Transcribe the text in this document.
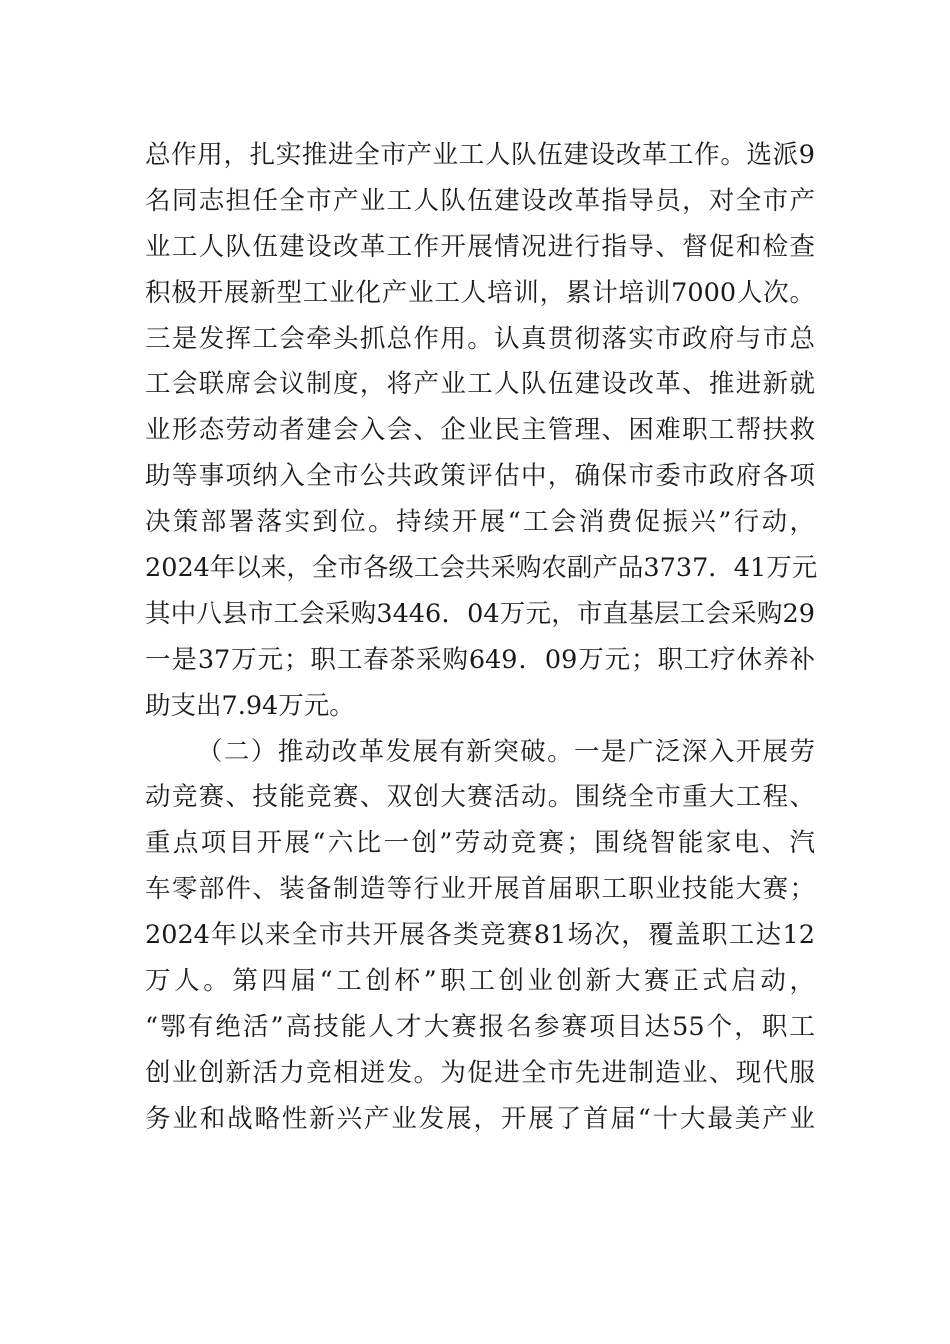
总作用，扎实推进全市产业工人队伍建设改革工作。选派9
名同志担任全市产业工人队伍建设改革指导员，对全市产
业工人队伍建设改革工作开展情况进行指导、督促和检查
积极开展新型工业化产业工人培训，累计培训7000人次。
三是发挥工会牵头抓总作用。认真贯彻落实市政府与市总
工会联席会议制度，将产业工人队伍建设改革、推进新就
业形态劳动者建会入会、企业民主管理、困难职工帮扶救
助等事项纳入全市公共政策评估中，确保市委市政府各项
决策部署落实到位。持续开展“工会消费促振兴”行动，
2024年以来，全市各级工会共采购农副产品3737．41万元
其中八县市工会采购3446．04万元，市直基层工会采购29
一是37万元；职工春茶采购649．09万元；职工疗休养补
助支出7.94万元。
（二）推动改革发展有新突破。一是广泛深入开展劳
动竞赛、技能竞赛、双创大赛活动。围绕全市重大工程、
重点项目开展“六比一创”劳动竞赛；围绕智能家电、汽
车零部件、装备制造等行业开展首届职工职业技能大赛；
2024年以来全市共开展各类竞赛81场次，覆盖职工达12
万人。第四届“工创杯”职工创业创新大赛正式启动，
“鄂有绝活”高技能人才大赛报名参赛项目达55个，职工
创业创新活力竞相迸发。为促进全市先进制造业、现代服
务业和战略性新兴产业发展，开展了首届“十大最美产业
